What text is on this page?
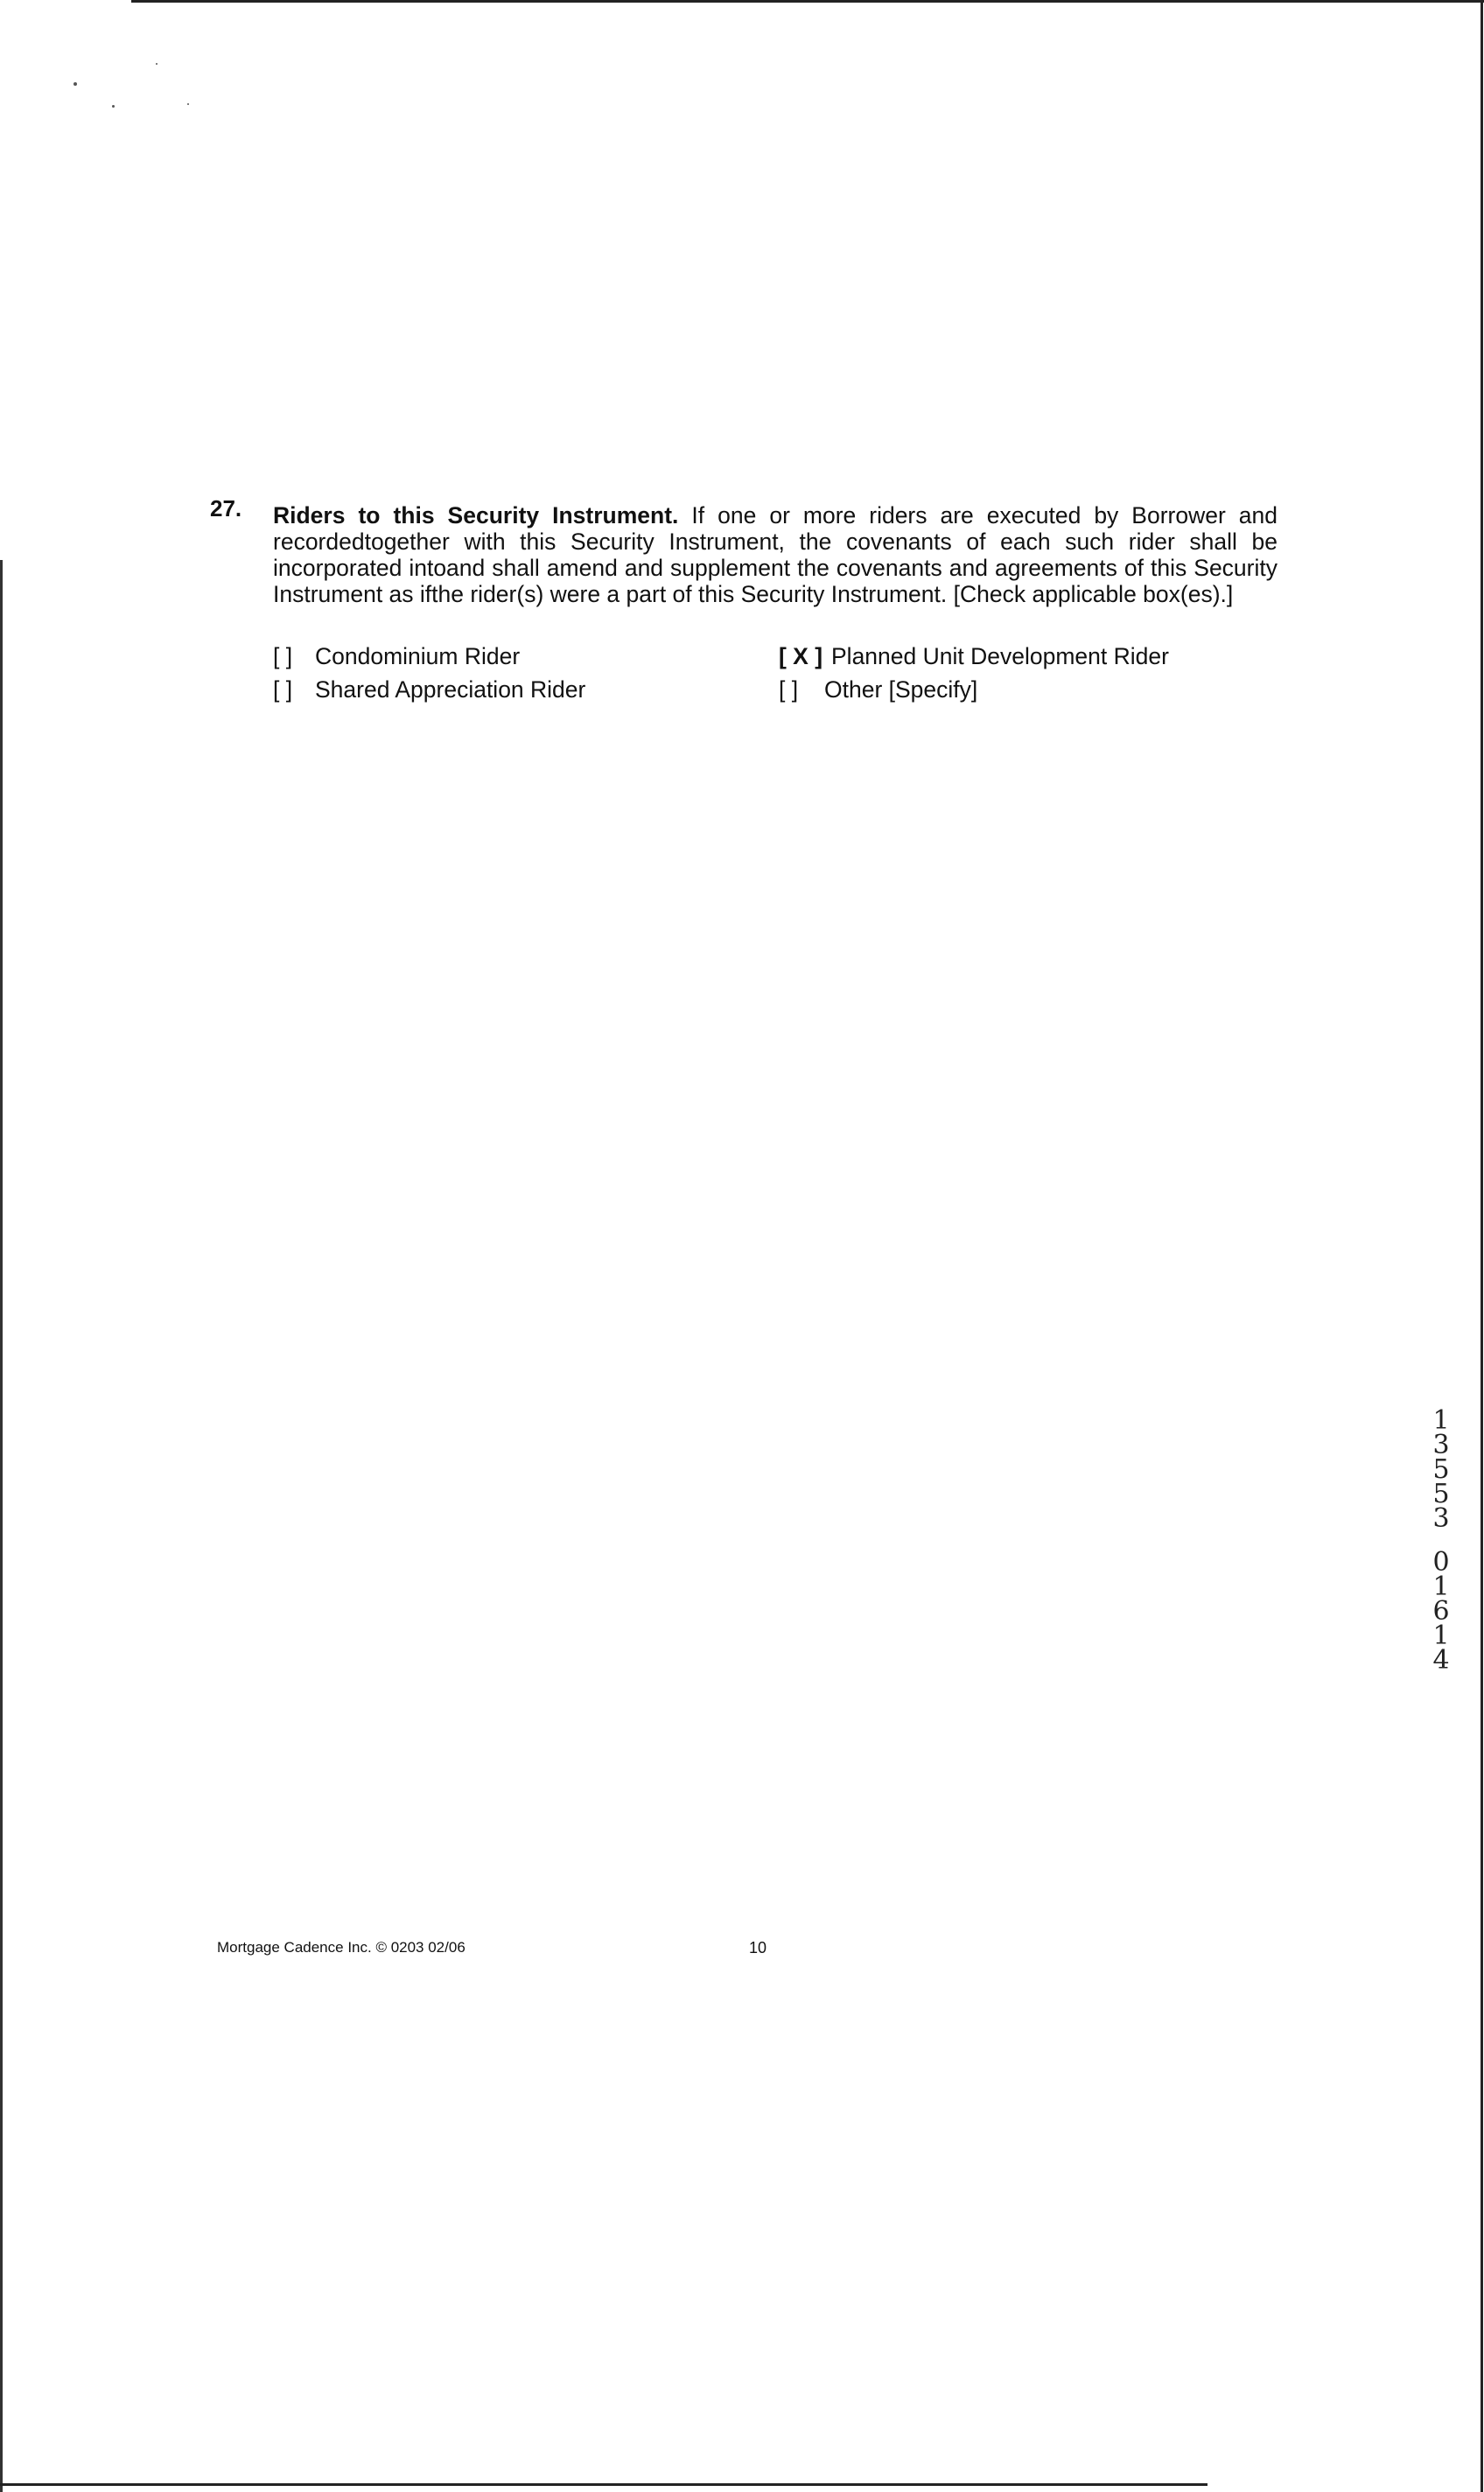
27. Riders to this Security Instrument. If one or more riders are executed by Borrower and recordedtogether with this Security Instrument, the covenants of each such rider shall be incorporated intoand shall amend and supplement the covenants and agreements of this Security Instrument as ifthe rider(s) were a part of this Security Instrument. [Check applicable box(es).]
[ ] Condominium Rider	[ X ] Planned Unit Development Rider
[ ] Shared Appreciation Rider	[ ] Other [Specify]
Mortgage Cadence Inc. © 0203 02/06	10
1
3
5
5
3
0
1
6
1
4
